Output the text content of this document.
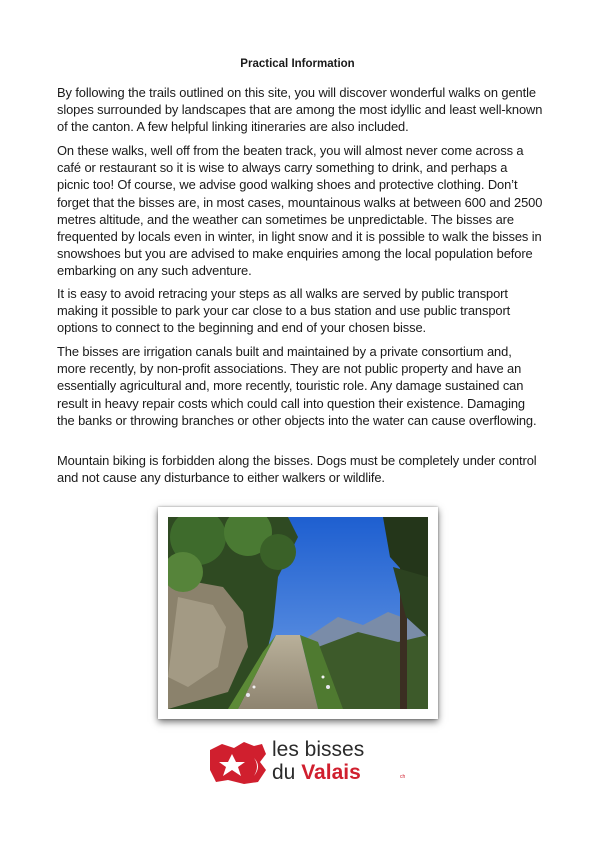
Practical Information

By following the trails outlined on this site, you will discover wonderful walks on gentle slopes surrounded by landscapes that are among the most idyllic and least well-known of the canton. A few helpful linking itineraries are also included.

On these walks, well off from the beaten track, you will almost never come across a café or restaurant so it is wise to always carry something to drink, and perhaps a picnic too! Of course, we advise good walking shoes and protective clothing. Don’t forget that the bisses are, in most cases, mountainous walks at between 600 and 2500 metres altitude, and the weather can sometimes be unpredictable. The bisses are frequented by locals even in winter, in light snow and it is possible to walk the bisses in snowshoes but you are advised to make enquiries among the local population before embarking on any such adventure.

It is easy to avoid retracing your steps as all walks are served by public transport making it possible to park your car close to a bus station and use public transport options to connect to the beginning and end of your chosen bisse.

The bisses are irrigation canals built and maintained by a private consortium and, more recently, by non-profit associations. They are not public property and have an essentially agricultural and, more recently, touristic role. Any damage sustained can result in heavy repair costs which could call into question their existence. Damaging the banks or throwing branches or other objects into the water can cause overflowing.

Mountain biking is forbidden along the bisses. Dogs must be completely under control and not cause any disturbance to either walkers or wildlife.

les bisses
du Valais	ch
